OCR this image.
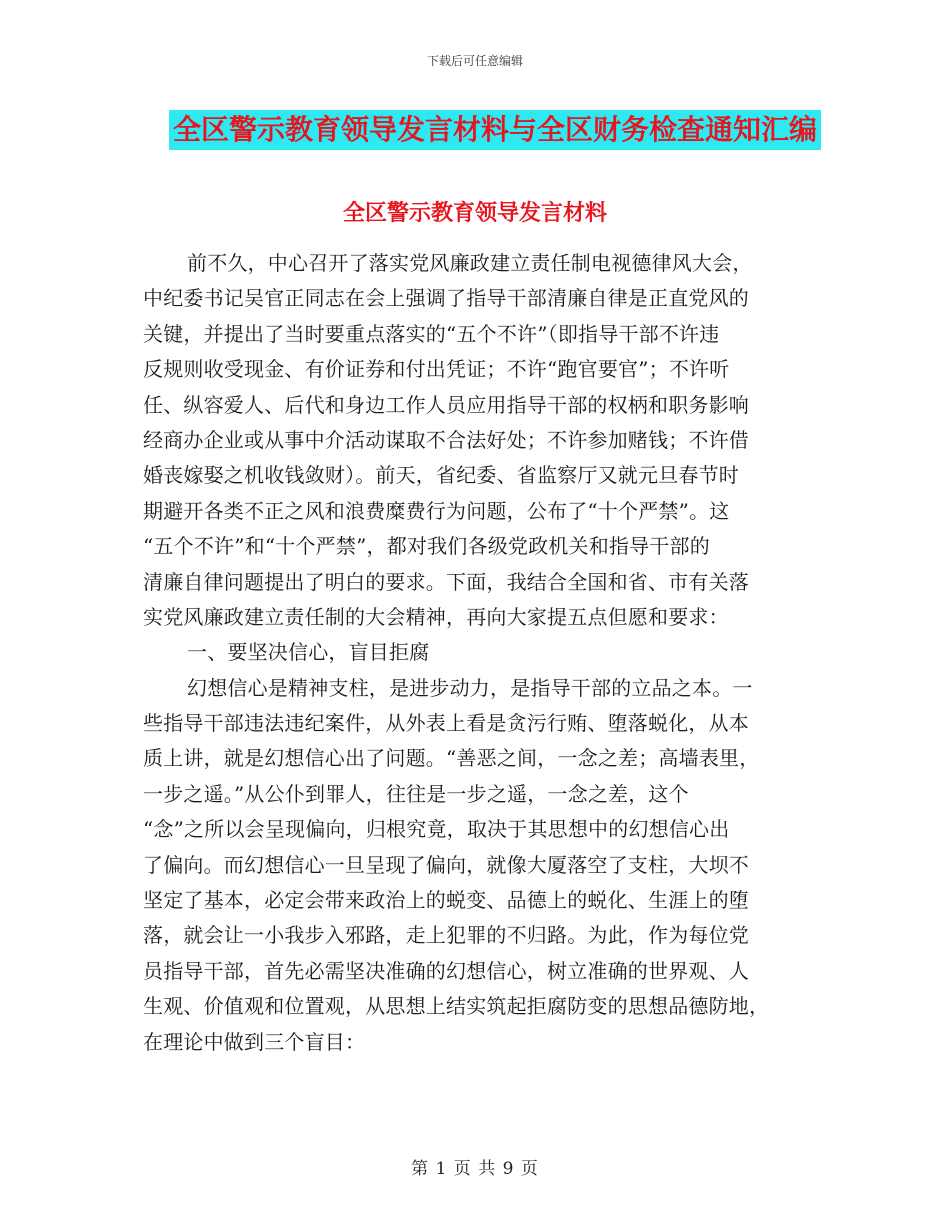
下载后可任意编辑
全区警示教育领导发言材料与全区财务检查通知汇编
全区警示教育领导发言材料
前不久，中心召开了落实党风廉政建立责任制电视德律风大会，
中纪委书记吴官正同志在会上强调了指导干部清廉自律是正直党风的
关键，并提出了当时要重点落实的“五个不许”（即指导干部不许违
反规则收受现金、有价证券和付出凭证；不许“跑官要官”；不许听
任、纵容爱人、后代和身边工作人员应用指导干部的权柄和职务影响
经商办企业或从事中介活动谋取不合法好处；不许参加赌钱；不许借
婚丧嫁娶之机收钱敛财）。前天，省纪委、省监察厅又就元旦春节时
期避开各类不正之风和浪费糜费行为问题，公布了“十个严禁”。这
“五个不许”和“十个严禁”，都对我们各级党政机关和指导干部的
清廉自律问题提出了明白的要求。下面，我结合全国和省、市有关落
实党风廉政建立责任制的大会精神，再向大家提五点但愿和要求：
一、要坚决信心，盲目拒腐
幻想信心是精神支柱，是进步动力，是指导干部的立品之本。一
些指导干部违法违纪案件，从外表上看是贪污行贿、堕落蜕化，从本
质上讲，就是幻想信心出了问题。“善恶之间，一念之差；高墙表里，
一步之遥。”从公仆到罪人，往往是一步之遥，一念之差，这个
“念”之所以会呈现偏向，归根究竟，取决于其思想中的幻想信心出
了偏向。而幻想信心一旦呈现了偏向，就像大厦落空了支柱，大坝不
坚定了基本，必定会带来政治上的蜕变、品德上的蜕化、生涯上的堕
落，就会让一小我步入邪路，走上犯罪的不归路。为此，作为每位党
员指导干部，首先必需坚决准确的幻想信心，树立准确的世界观、人
生观、价值观和位置观，从思想上结实筑起拒腐防变的思想品德防地，
在理论中做到三个盲目：
第 1 页 共 9 页
